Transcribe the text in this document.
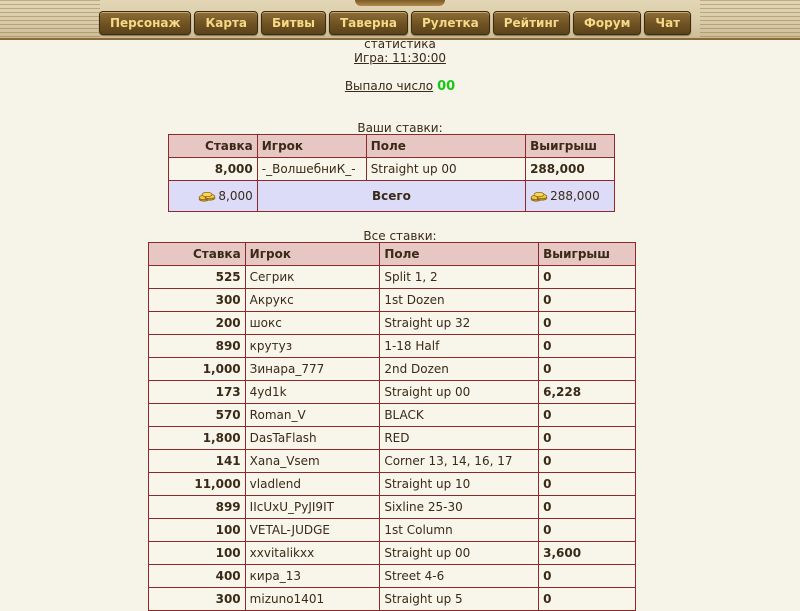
Персонаж	Карта	Битвы	Таверна	Рулетка	Рейтинг	Форум	Чат
статистика
Игра: 11:30:00
Выпало число 00
Ваши ставки:
Ставка	Игрок	Поле	Выигрыш
8,000	-_ВолшебниК_-	Straight up 00	288,000
8,000	Всего		288,000
Все ставки:
Ставка	Игрок	Поле	Выигрыш
525	Сегрик	Split 1, 2	0
300	Акрукс	1st Dozen	0
200	шокс	Straight up 32	0
890	крутуз	1-18 Half	0
1,000	Зинара_777	2nd Dozen	0
173	4yd1k	Straight up 00	6,228
570	Roman_V	BLACK	0
1,800	DasTaFlash	RED	0
141	Xana_Vsem	Corner 13, 14, 16, 17	0
11,000	vladlend	Straight up 10	0
899	IIcUxU_PyJI9IT	Sixline 25-30	0
100	VETAL-JUDGE	1st Column	0
100	xxvitalikxx	Straight up 00	3,600
400	кира_13	Street 4-6	0
300	mizuno1401	Straight up 5	0
